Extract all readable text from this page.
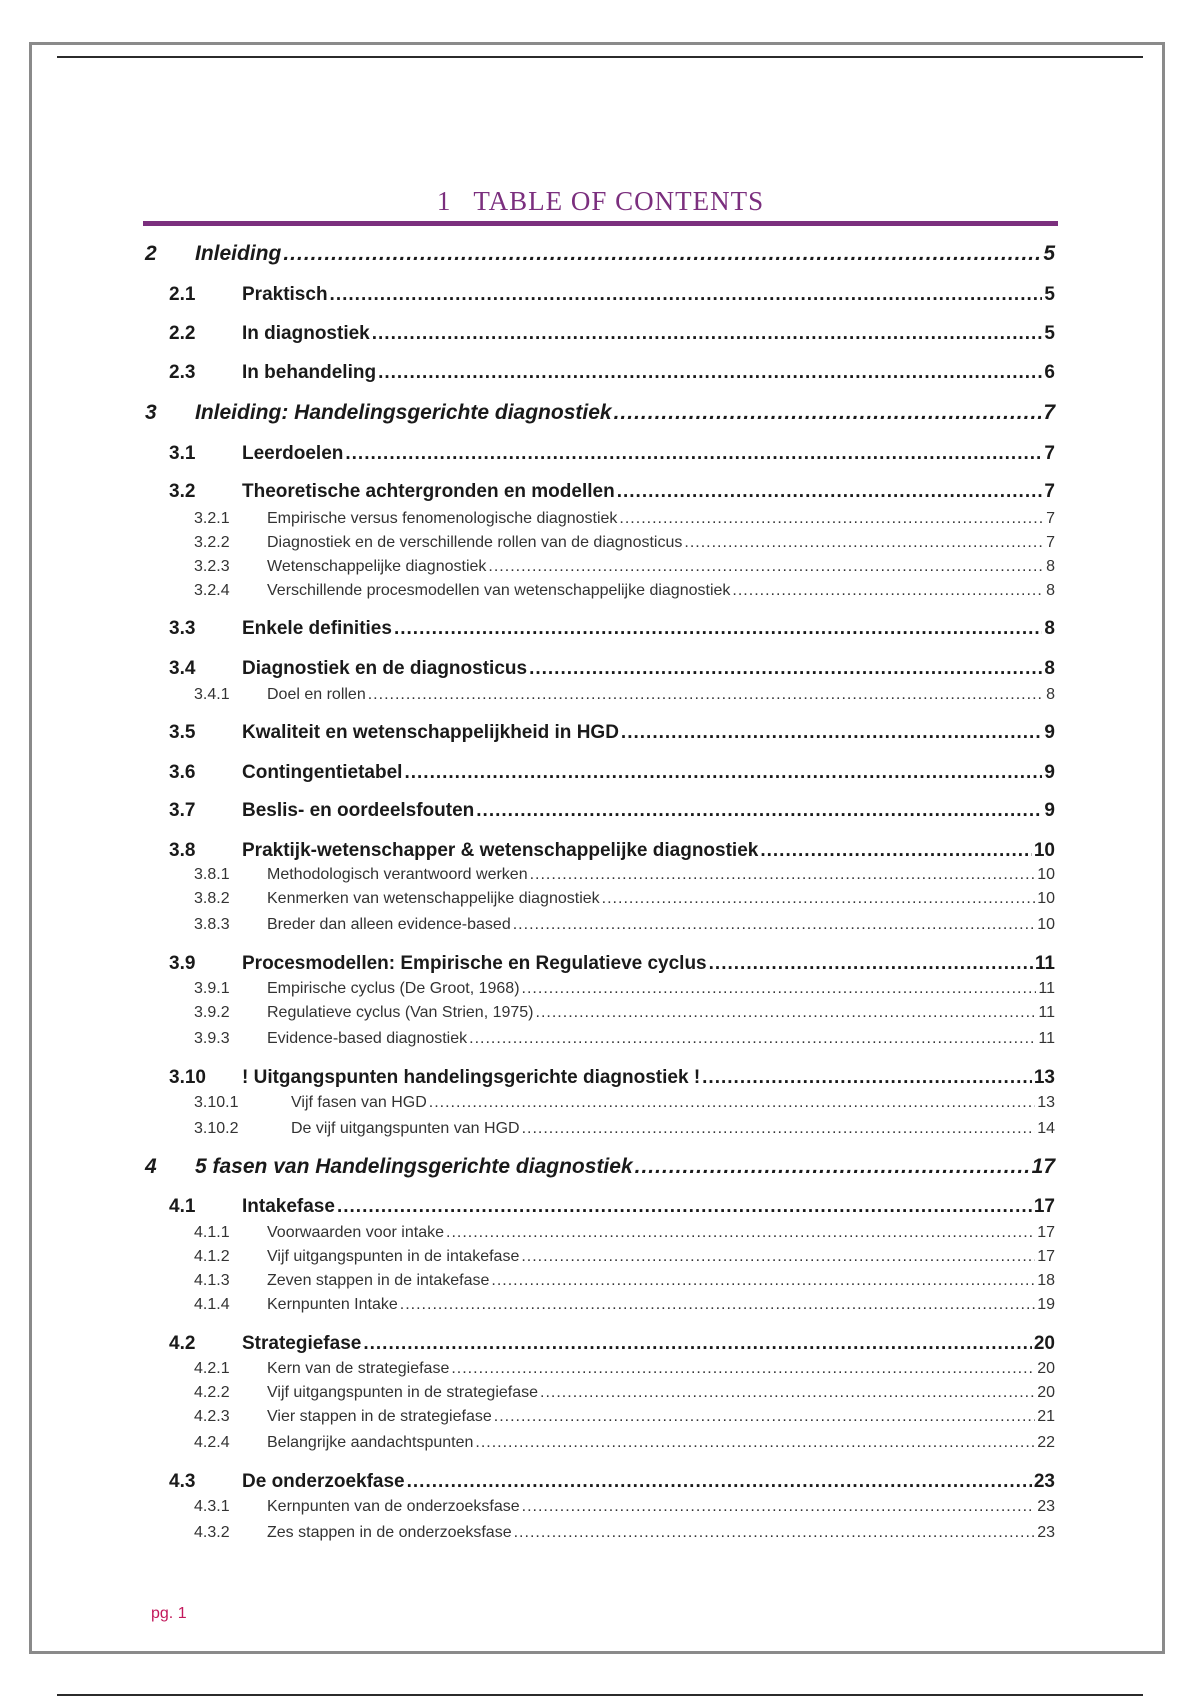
1 TABLE OF CONTENTS
2	Inleiding .....	5
2.1	Praktisch .....	5
2.2	In diagnostiek .....	5
2.3	In behandeling .....	6
3	Inleiding: Handelingsgerichte diagnostiek .....	7
3.1	Leerdoelen .....	7
3.2	Theoretische achtergronden en modellen .....	7
3.2.1	Empirische versus fenomenologische diagnostiek .....	7
3.2.2	Diagnostiek en de verschillende rollen van de diagnosticus .....	7
3.2.3	Wetenschappelijke diagnostiek .....	8
3.2.4	Verschillende procesmodellen van wetenschappelijke diagnostiek .....	8
3.3	Enkele definities .....	8
3.4	Diagnostiek en de diagnosticus .....	8
3.4.1	Doel en rollen .....	8
3.5	Kwaliteit en wetenschappelijkheid in HGD .....	9
3.6	Contingentietabel .....	9
3.7	Beslis- en oordeelsfouten .....	9
3.8	Praktijk-wetenschapper & wetenschappelijke diagnostiek .....	10
3.8.1	Methodologisch verantwoord werken .....	10
3.8.2	Kenmerken van wetenschappelijke diagnostiek .....	10
3.8.3	Breder dan alleen evidence-based .....	10
3.9	Procesmodellen: Empirische en Regulatieve cyclus .....	11
3.9.1	Empirische cyclus (De Groot, 1968) .....	11
3.9.2	Regulatieve cyclus (Van Strien, 1975) .....	11
3.9.3	Evidence-based diagnostiek .....	11
3.10	! Uitgangspunten handelingsgerichte diagnostiek ! .....	13
3.10.1	Vijf fasen van HGD .....	13
3.10.2	De vijf uitgangspunten van HGD .....	14
4	5 fasen van Handelingsgerichte diagnostiek .....	17
4.1	Intakefase .....	17
4.1.1	Voorwaarden voor intake .....	17
4.1.2	Vijf uitgangspunten in de intakefase .....	17
4.1.3	Zeven stappen in de intakefase .....	18
4.1.4	Kernpunten Intake .....	19
4.2	Strategiefase .....	20
4.2.1	Kern van de strategiefase .....	20
4.2.2	Vijf uitgangspunten in de strategiefase .....	20
4.2.3	Vier stappen in de strategiefase .....	21
4.2.4	Belangrijke aandachtspunten .....	22
4.3	De onderzoekfase .....	23
4.3.1	Kernpunten van de onderzoeksfase .....	23
4.3.2	Zes stappen in de onderzoeksfase .....	23
pg. 1
